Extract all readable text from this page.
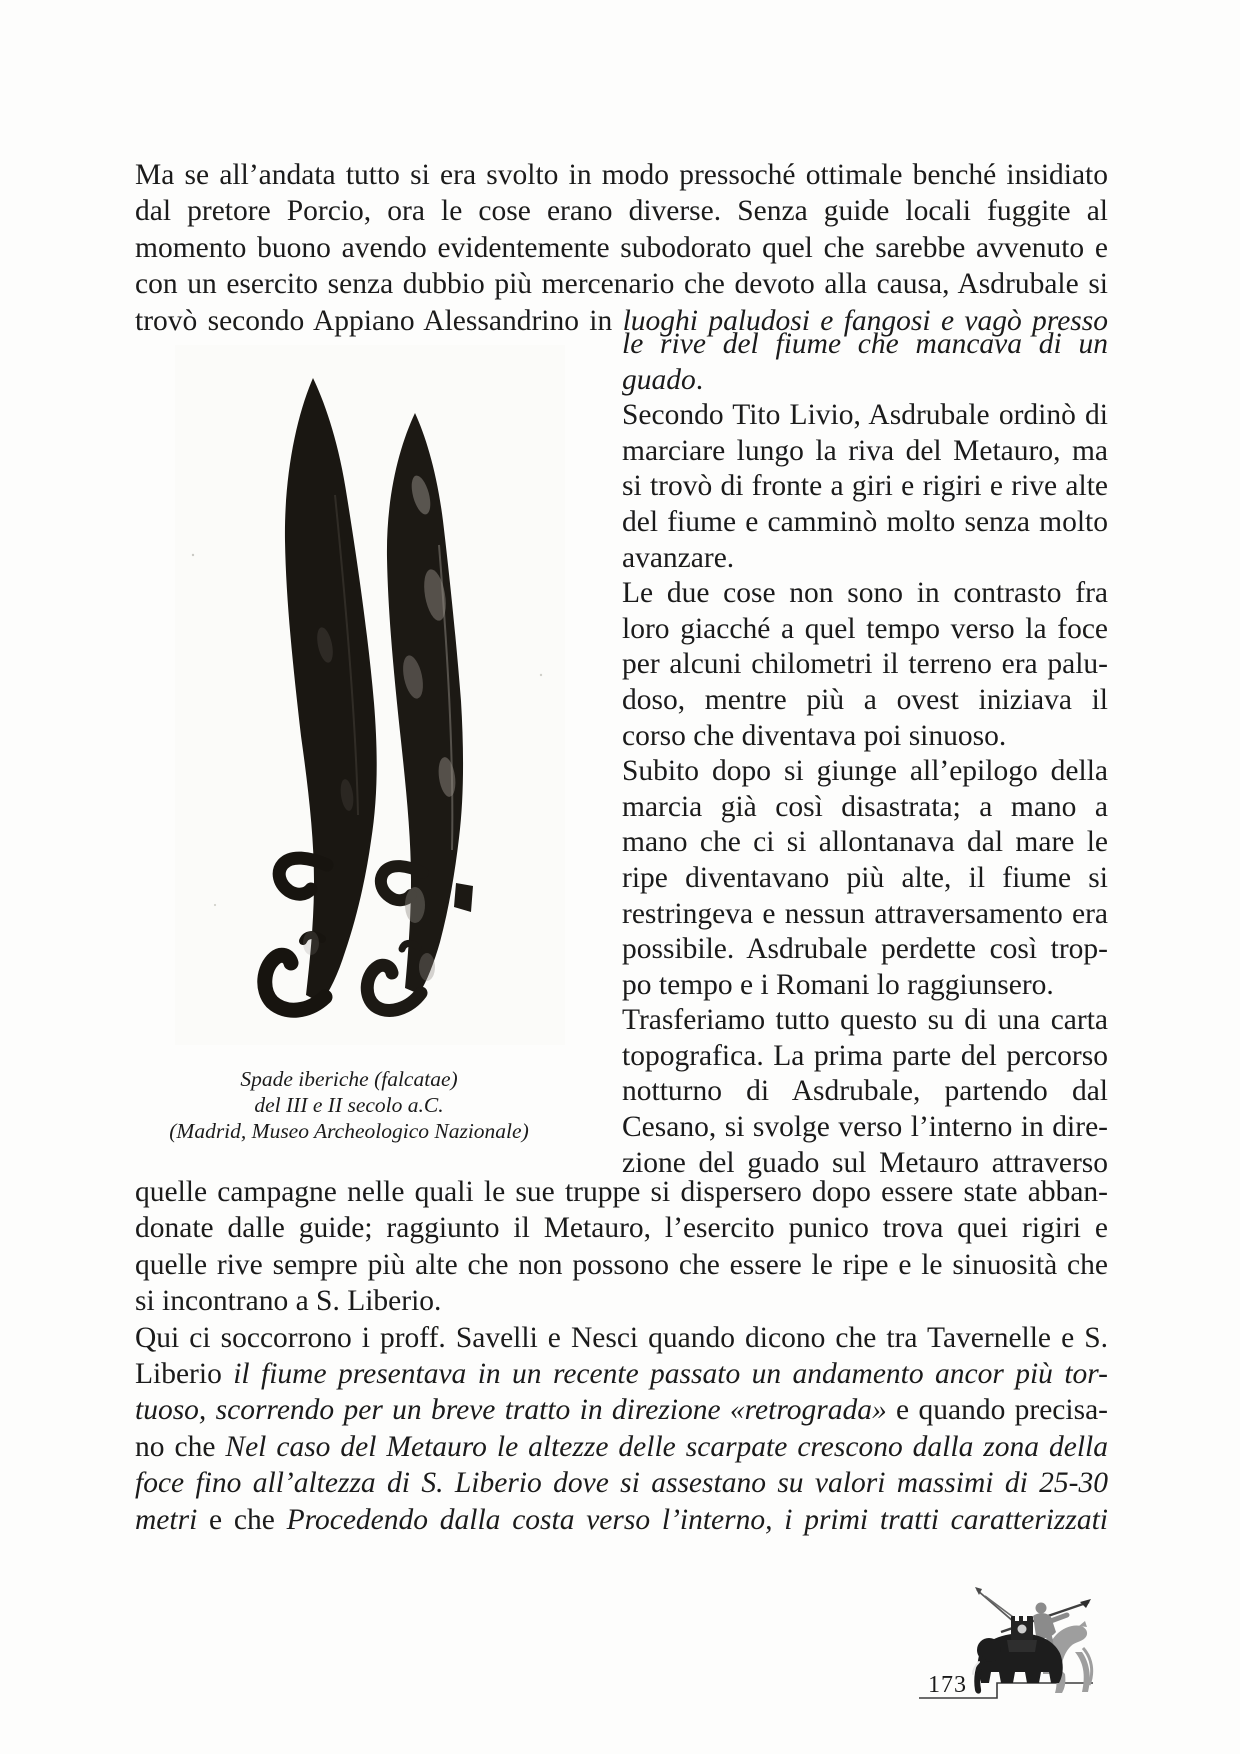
Ma se all’andata tutto si era svolto in modo pressoché ottimale benché insidiato
dal pretore Porcio, ora le cose erano diverse. Senza guide locali fuggite al
momento buono avendo evidentemente subodorato quel che sarebbe avvenuto e
con un esercito senza dubbio più mercenario che devoto alla causa, Asdrubale si
trovò secondo Appiano Alessandrino in luoghi paludosi e fangosi e vagò presso
Spade iberiche (falcatae)
del III e II secolo a.C.
(Madrid, Museo Archeologico Nazionale)
le rive del fiume che mancava di un
guado.
Secondo Tito Livio, Asdrubale ordinò di
marciare lungo la riva del Metauro, ma
si trovò di fronte a giri e rigiri e rive alte
del fiume e camminò molto senza molto
avanzare.
Le due cose non sono in contrasto fra
loro giacché a quel tempo verso la foce
per alcuni chilometri il terreno era palu-
doso, mentre più a ovest iniziava il
corso che diventava poi sinuoso.
Subito dopo si giunge all’epilogo della
marcia già così disastrata; a mano a
mano che ci si allontanava dal mare le
ripe diventavano più alte, il fiume si
restringeva e nessun attraversamento era
possibile. Asdrubale perdette così trop-
po tempo e i Romani lo raggiunsero.
Trasferiamo tutto questo su di una carta
topografica. La prima parte del percorso
notturno di Asdrubale, partendo dal
Cesano, si svolge verso l’interno in dire-
zione del guado sul Metauro attraverso
quelle campagne nelle quali le sue truppe si dispersero dopo essere state abban-
donate dalle guide; raggiunto il Metauro, l’esercito punico trova quei rigiri e
quelle rive sempre più alte che non possono che essere le ripe e le sinuosità che
si incontrano a S. Liberio.
Qui ci soccorrono i proff. Savelli e Nesci quando dicono che tra Tavernelle e S.
Liberio il fiume presentava in un recente passato un andamento ancor più tor-
tuoso, scorrendo per un breve tratto in direzione «retrograda» e quando precisa-
no che Nel caso del Metauro le altezze delle scarpate crescono dalla zona della
foce fino all’altezza di S. Liberio dove si assestano su valori massimi di 25-30
metri e che Procedendo dalla costa verso l’interno, i primi tratti caratterizzati
173
